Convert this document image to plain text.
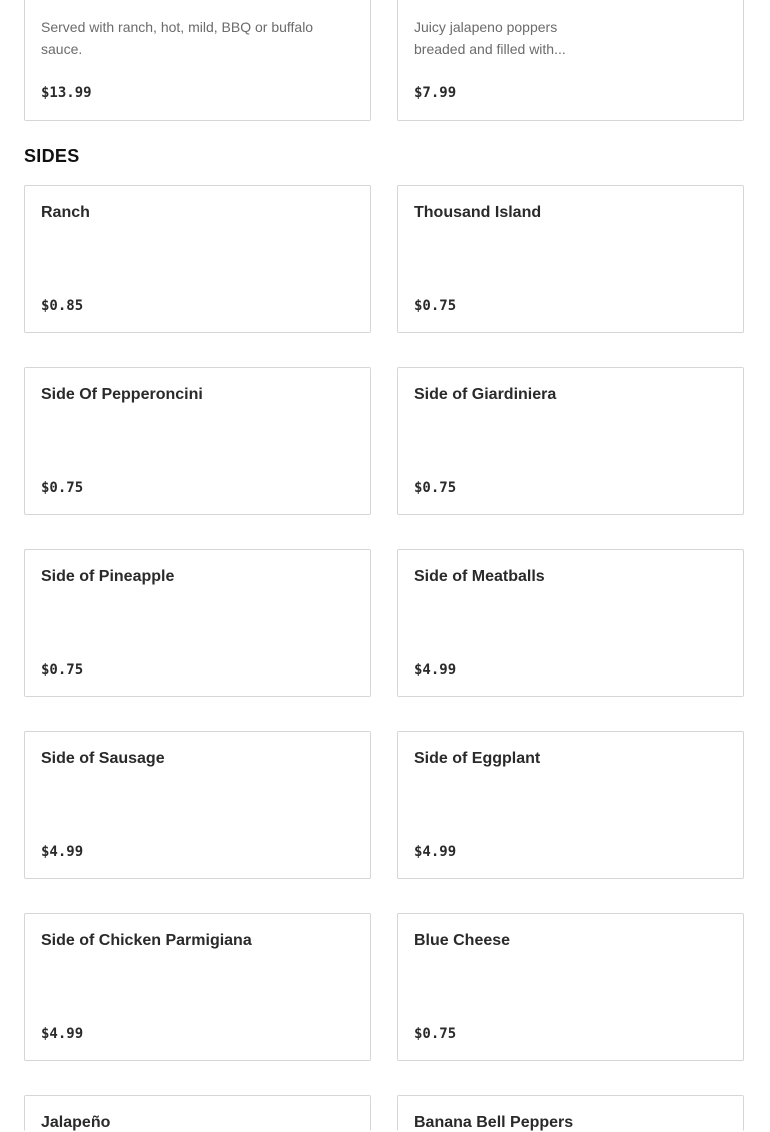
Served with ranch, hot, mild, BBQ or buffalo sauce.
$13.99
Juicy jalapeno poppers breaded and filled with...
$7.99
SIDES
Ranch
$0.85
Thousand Island
$0.75
Side Of Pepperoncini
$0.75
Side of Giardiniera
$0.75
Side of Pineapple
$0.75
Side of Meatballs
$4.99
Side of Sausage
$4.99
Side of Eggplant
$4.99
Side of Chicken Parmigiana
$4.99
Blue Cheese
$0.75
Jalapeño	Banana Bell Peppers
